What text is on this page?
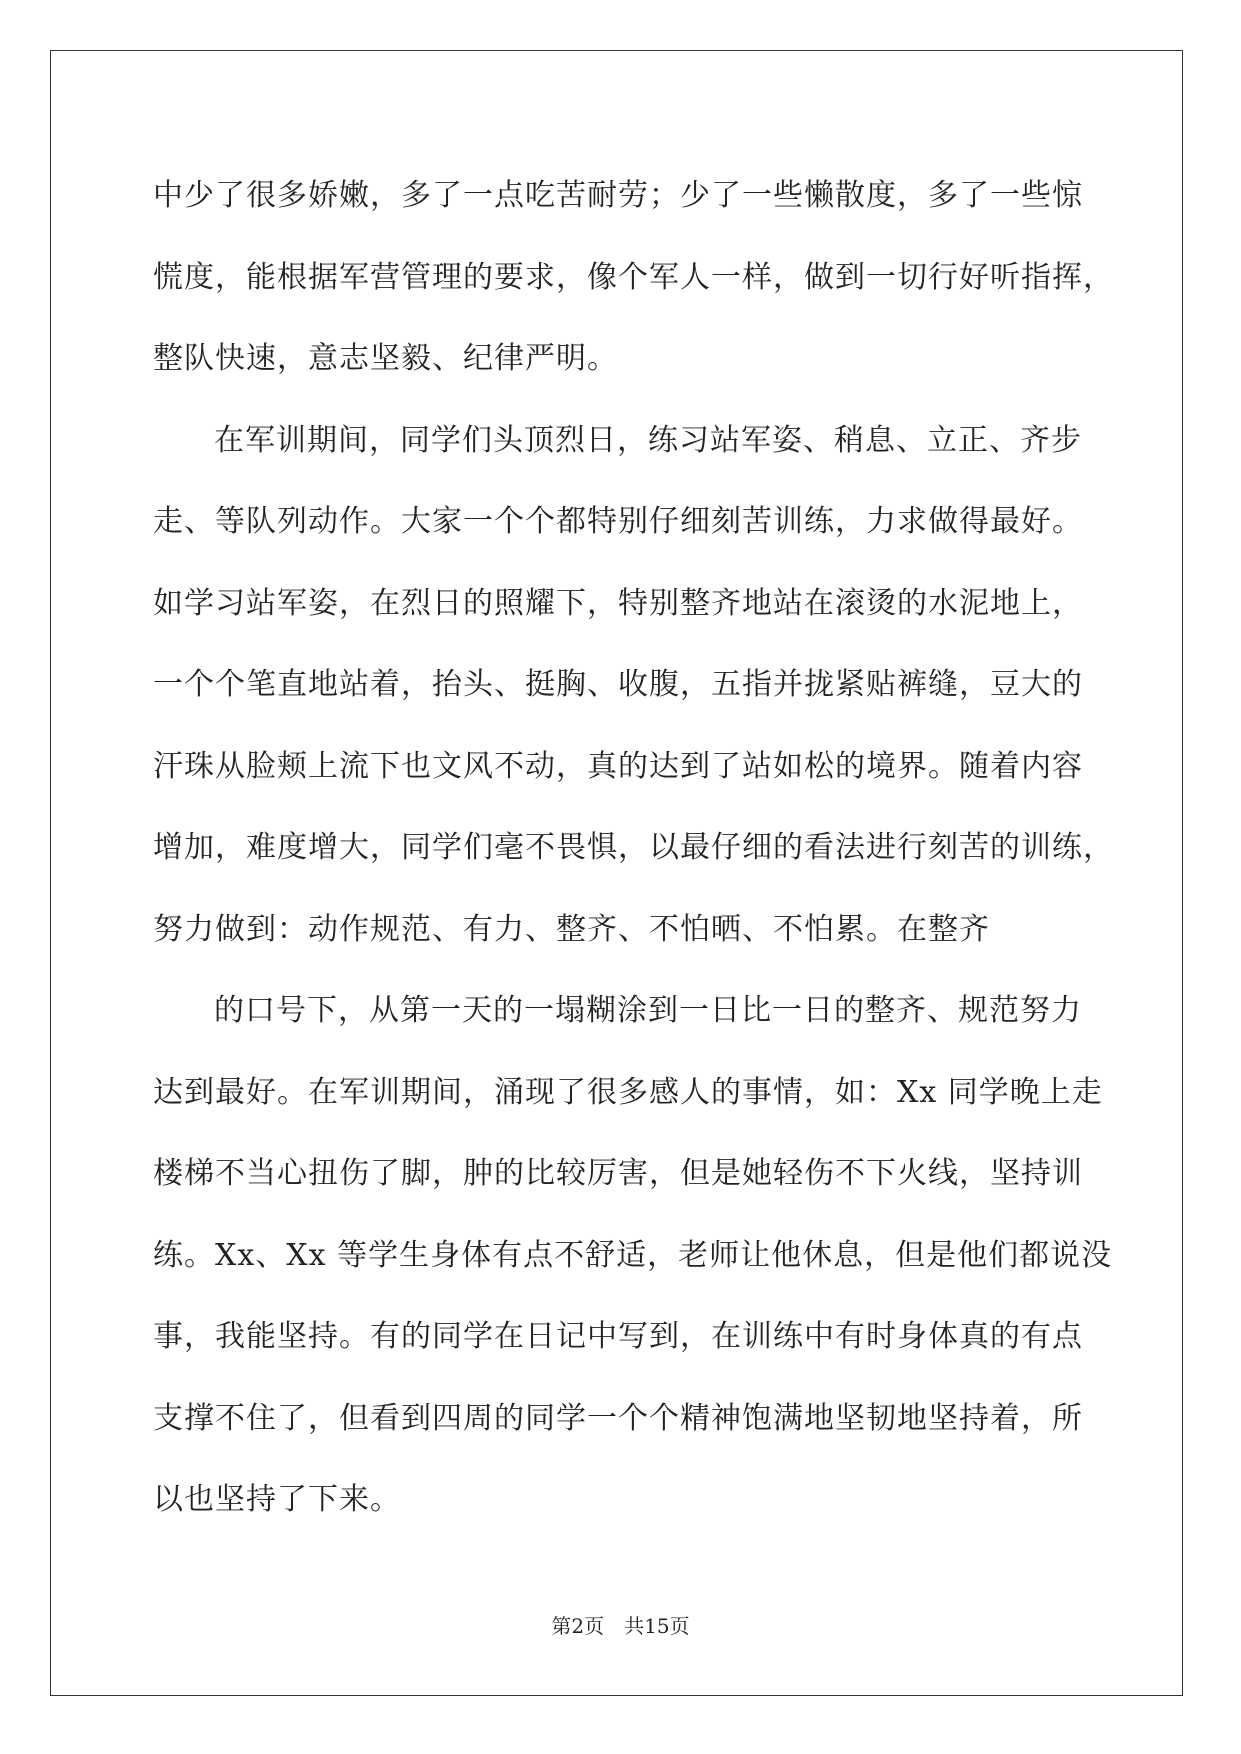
中少了很多娇嫩，多了一点吃苦耐劳；少了一些懒散度，多了一些惊
慌度，能根据军营管理的要求，像个军人一样，做到一切行好听指挥，
整队快速，意志坚毅、纪律严明。
在军训期间，同学们头顶烈日，练习站军姿、稍息、立正、齐步
走、等队列动作。大家一个个都特别仔细刻苦训练，力求做得最好。
如学习站军姿，在烈日的照耀下，特别整齐地站在滚烫的水泥地上，
一个个笔直地站着，抬头、挺胸、收腹，五指并拢紧贴裤缝，豆大的
汗珠从脸颊上流下也文风不动，真的达到了站如松的境界。随着内容
增加，难度增大，同学们毫不畏惧，以最仔细的看法进行刻苦的训练，
努力做到：动作规范、有力、整齐、不怕晒、不怕累。在整齐
的口号下，从第一天的一塌糊涂到一日比一日的整齐、规范努力
达到最好。在军训期间，涌现了很多感人的事情，如：Xx 同学晚上走
楼梯不当心扭伤了脚，肿的比较厉害，但是她轻伤不下火线，坚持训
练。Xx、Xx 等学生身体有点不舒适，老师让他休息，但是他们都说没
事，我能坚持。有的同学在日记中写到，在训练中有时身体真的有点
支撑不住了，但看到四周的同学一个个精神饱满地坚韧地坚持着，所
以也坚持了下来。
第2页 共15页
